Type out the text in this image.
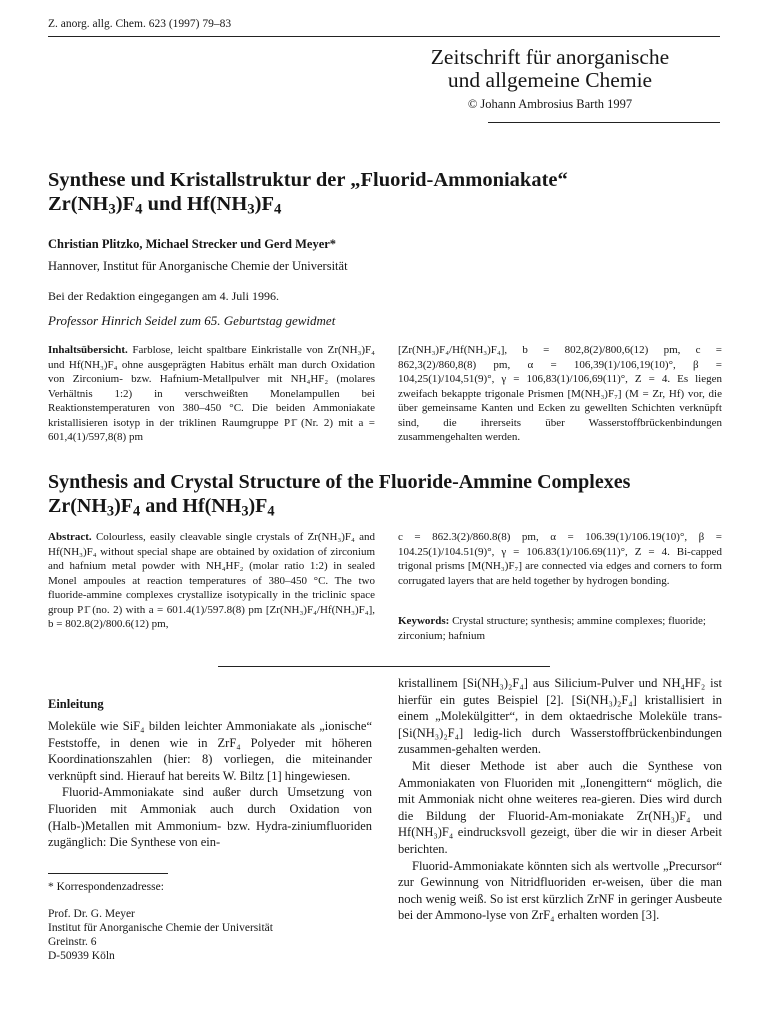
Z. anorg. allg. Chem. 623 (1997) 79–83
Zeitschrift für anorganische
und allgemeine Chemie
© Johann Ambrosius Barth 1997
Synthese und Kristallstruktur der „Fluorid-Ammoniakate“
$Zr(NH_3)F_4$ und $Hf(NH_3)F_4$
Christian Plitzko, Michael Strecker und Gerd Meyer*
Hannover, Institut für Anorganische Chemie der Universität
Bei der Redaktion eingegangen am 4. Juli 1996.
Professor Hinrich Seidel zum 65. Geburtstag gewidmet
Inhaltsübersicht. Farblose, leicht spaltbare Einkristalle von Zr(NH₃)F₄ und Hf(NH₃)F₄ ohne ausgeprägten Habitus erhält man durch Oxidation von Zirconium- bzw. Hafnium-Metallpulver mit NH₄HF₂ (molares Verhältnis 1:2) in verschweißten Monelampullen bei Reaktionstemperaturen von 380–450 °C. Die beiden Ammoniakate kristallisieren isotyp in der triklinen Raumgruppe P1̄ (Nr. 2) mit a = 601,4(1)/597,8(8) pm
[Zr(NH₃)F₄/Hf(NH₃)F₄], b = 802,8(2)/800,6(12) pm, c = 862,3(2)/860,8(8) pm, α = 106,39(1)/106,19(10)°, β = 104,25(1)/104,51(9)°, γ = 106,83(1)/106,69(11)°, Z = 4. Es liegen zweifach bekappte trigonale Prismen [M(NH₃)F₇] (M = Zr, Hf) vor, die über gemeinsame Kanten und Ecken zu gewellten Schichten verknüpft sind, die ihrerseits über Wasserstoffbrückenbindungen zusammengehalten werden.
Synthesis and Crystal Structure of the Fluoride-Ammine Complexes
$Zr(NH_3)F_4$ and $Hf(NH_3)F_4$
Abstract. Colourless, easily cleavable single crystals of Zr(NH₃)F₄ and Hf(NH₃)F₄ without special shape are obtained by oxidation of zirconium and hafnium metal powder with NH₄HF₂ (molar ratio 1:2) in sealed Monel ampoules at reaction temperatures of 380–450 °C. The two fluoride-ammine complexes crystallize isotypically in the triclinic space group P1̄ (no. 2) with a = 601.4(1)/597.8(8) pm [Zr(NH₃)F₄/Hf(NH₃)F₄], b = 802.8(2)/800.6(12) pm,
c = 862.3(2)/860.8(8) pm, α = 106.39(1)/106.19(10)°, β = 104.25(1)/104.51(9)°, γ = 106.83(1)/106.69(11)°, Z = 4. Bi-capped trigonal prisms [M(NH₃)F₇] are connected via edges and corners to form corrugated layers that are held together by hydrogen bonding.
Keywords: Crystal structure; synthesis; ammine complexes; fluoride; zirconium; hafnium
Einleitung
Moleküle wie SiF₄ bilden leichter Ammoniakate als „ionische“ Feststoffe, in denen wie in ZrF₄ Polyeder mit höheren Koordinationszahlen (hier: 8) vorliegen, die miteinander verknüpft sind. Hierauf hat bereits W. Biltz [1] hingewiesen.
Fluorid-Ammoniakate sind außer durch Umsetzung von Fluoriden mit Ammoniak auch durch Oxidation von (Halb-)Metallen mit Ammonium- bzw. Hydra-ziniumfluoriden zugänglich: Die Synthese von ein-
kristallinem [Si(NH₃)₂F₄] aus Silicium-Pulver und NH₄HF₂ ist hierfür ein gutes Beispiel [2]. [Si(NH₃)₂F₄] kristallisiert in einem „Molekülgitter“, in dem oktaedrische Moleküle trans-[Si(NH₃)₂F₄] ledig-lich durch Wasserstoffbrückenbindungen zusammen-gehalten werden.
Mit dieser Methode ist aber auch die Synthese von Ammoniakaten von Fluoriden mit „Ionengittern“ möglich, die mit Ammoniak nicht ohne weiteres rea-gieren. Dies wird durch die Bildung der Fluorid-Am-moniakate Zr(NH₃)F₄ und Hf(NH₃)F₄ eindrucksvoll gezeigt, über die wir in dieser Arbeit berichten.
Fluorid-Ammoniakate könnten sich als wertvolle „Precursor“ zur Gewinnung von Nitridfluoriden er-weisen, über die man noch wenig weiß. So ist erst kürzlich ZrNF in geringer Ausbeute bei der Ammono-lyse von ZrF₄ erhalten worden [3].
* Korrespondenzadresse:
Prof. Dr. G. Meyer
Institut für Anorganische Chemie der Universität
Greinstr. 6
D-50939 Köln
